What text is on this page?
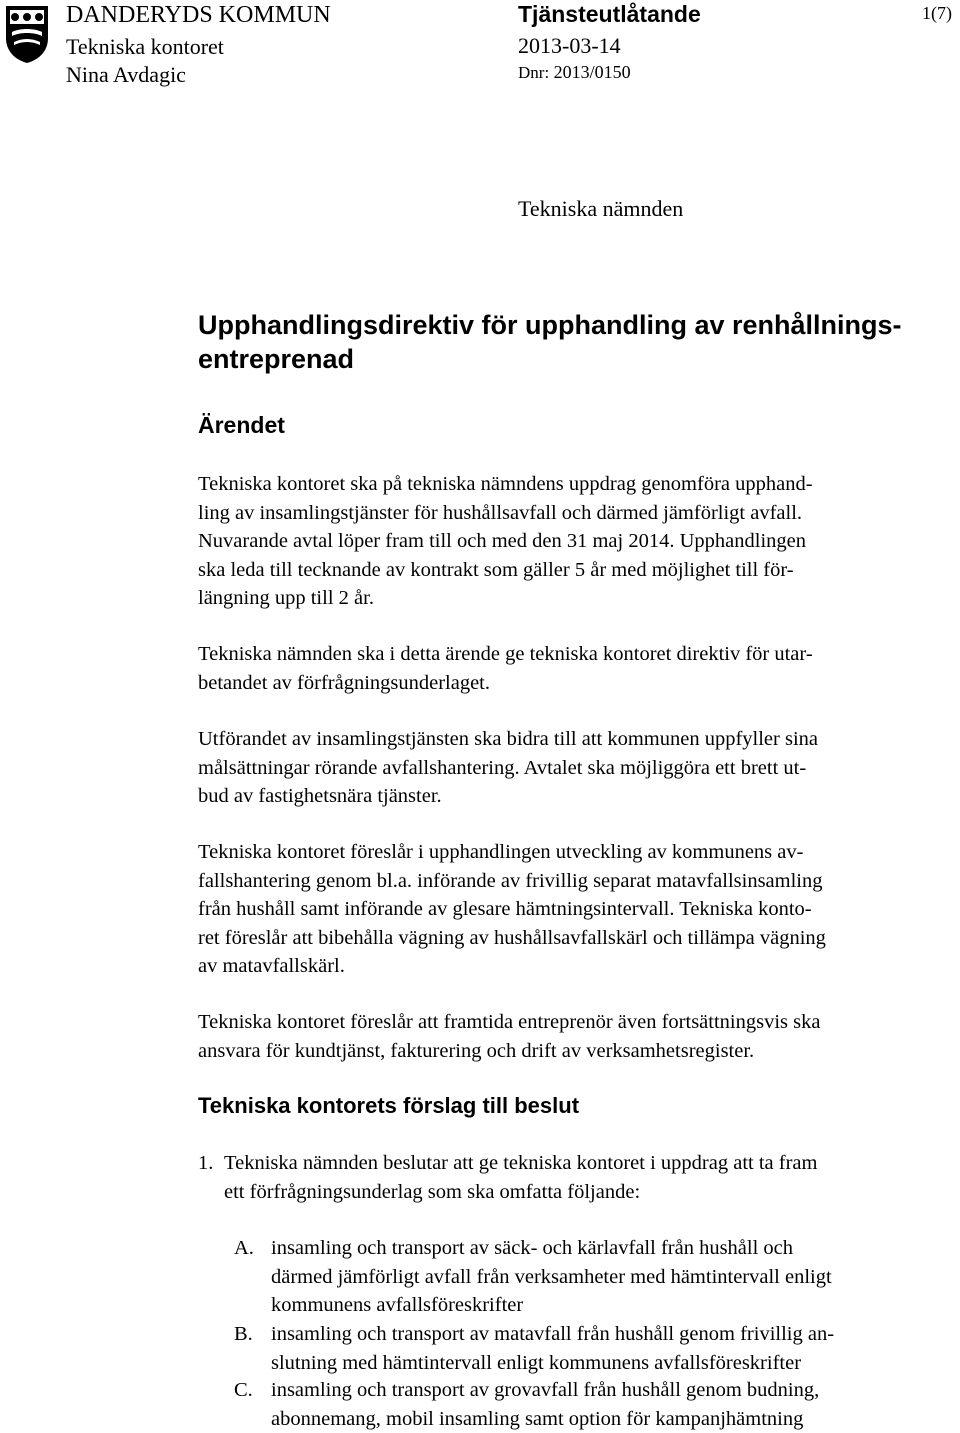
DANDERYDS KOMMUN
Tekniska kontoret
Nina Avdagic
Tjänsteutlåtande
2013-03-14
Dnr: 2013/0150
1(7)
Tekniska nämnden
Upphandlingsdirektiv för upphandling av renhållnings-
entreprenad
Ärendet
Tekniska kontoret ska på tekniska nämndens uppdrag genomföra upphand-
ling av insamlingstjänster för hushållsavfall och därmed jämförligt avfall.
Nuvarande avtal löper fram till och med den 31 maj 2014. Upphandlingen
ska leda till tecknande av kontrakt som gäller 5 år med möjlighet till för-
längning upp till 2 år.
Tekniska nämnden ska i detta ärende ge tekniska kontoret direktiv för utar-
betandet av förfrågningsunderlaget.
Utförandet av insamlingstjänsten ska bidra till att kommunen uppfyller sina
målsättningar rörande avfallshantering. Avtalet ska möjliggöra ett brett ut-
bud av fastighetsnära tjänster.
Tekniska kontoret föreslår i upphandlingen utveckling av kommunens av-
fallshantering genom bl.a. införande av frivillig separat matavfallsinsamling
från hushåll samt införande av glesare hämtningsintervall. Tekniska konto-
ret föreslår att bibehålla vägning av hushållsavfallskärl och tillämpa vägning
av matavfallskärl.
Tekniska kontoret föreslår att framtida entreprenör även fortsättningsvis ska
ansvara för kundtjänst, fakturering och drift av verksamhetsregister.
Tekniska kontorets förslag till beslut
1. Tekniska nämnden beslutar att ge tekniska kontoret i uppdrag att ta fram
ett förfrågningsunderlag som ska omfatta följande:
A. insamling och transport av säck- och kärlavfall från hushåll och
därmed jämförligt avfall från verksamheter med hämtintervall enligt
kommunens avfallsföreskrifter
B. insamling och transport av matavfall från hushåll genom frivillig an-
slutning med hämtintervall enligt kommunens avfallsföreskrifter
C. insamling och transport av grovavfall från hushåll genom budning,
abonnemang, mobil insamling samt option för kampanjhämtning
